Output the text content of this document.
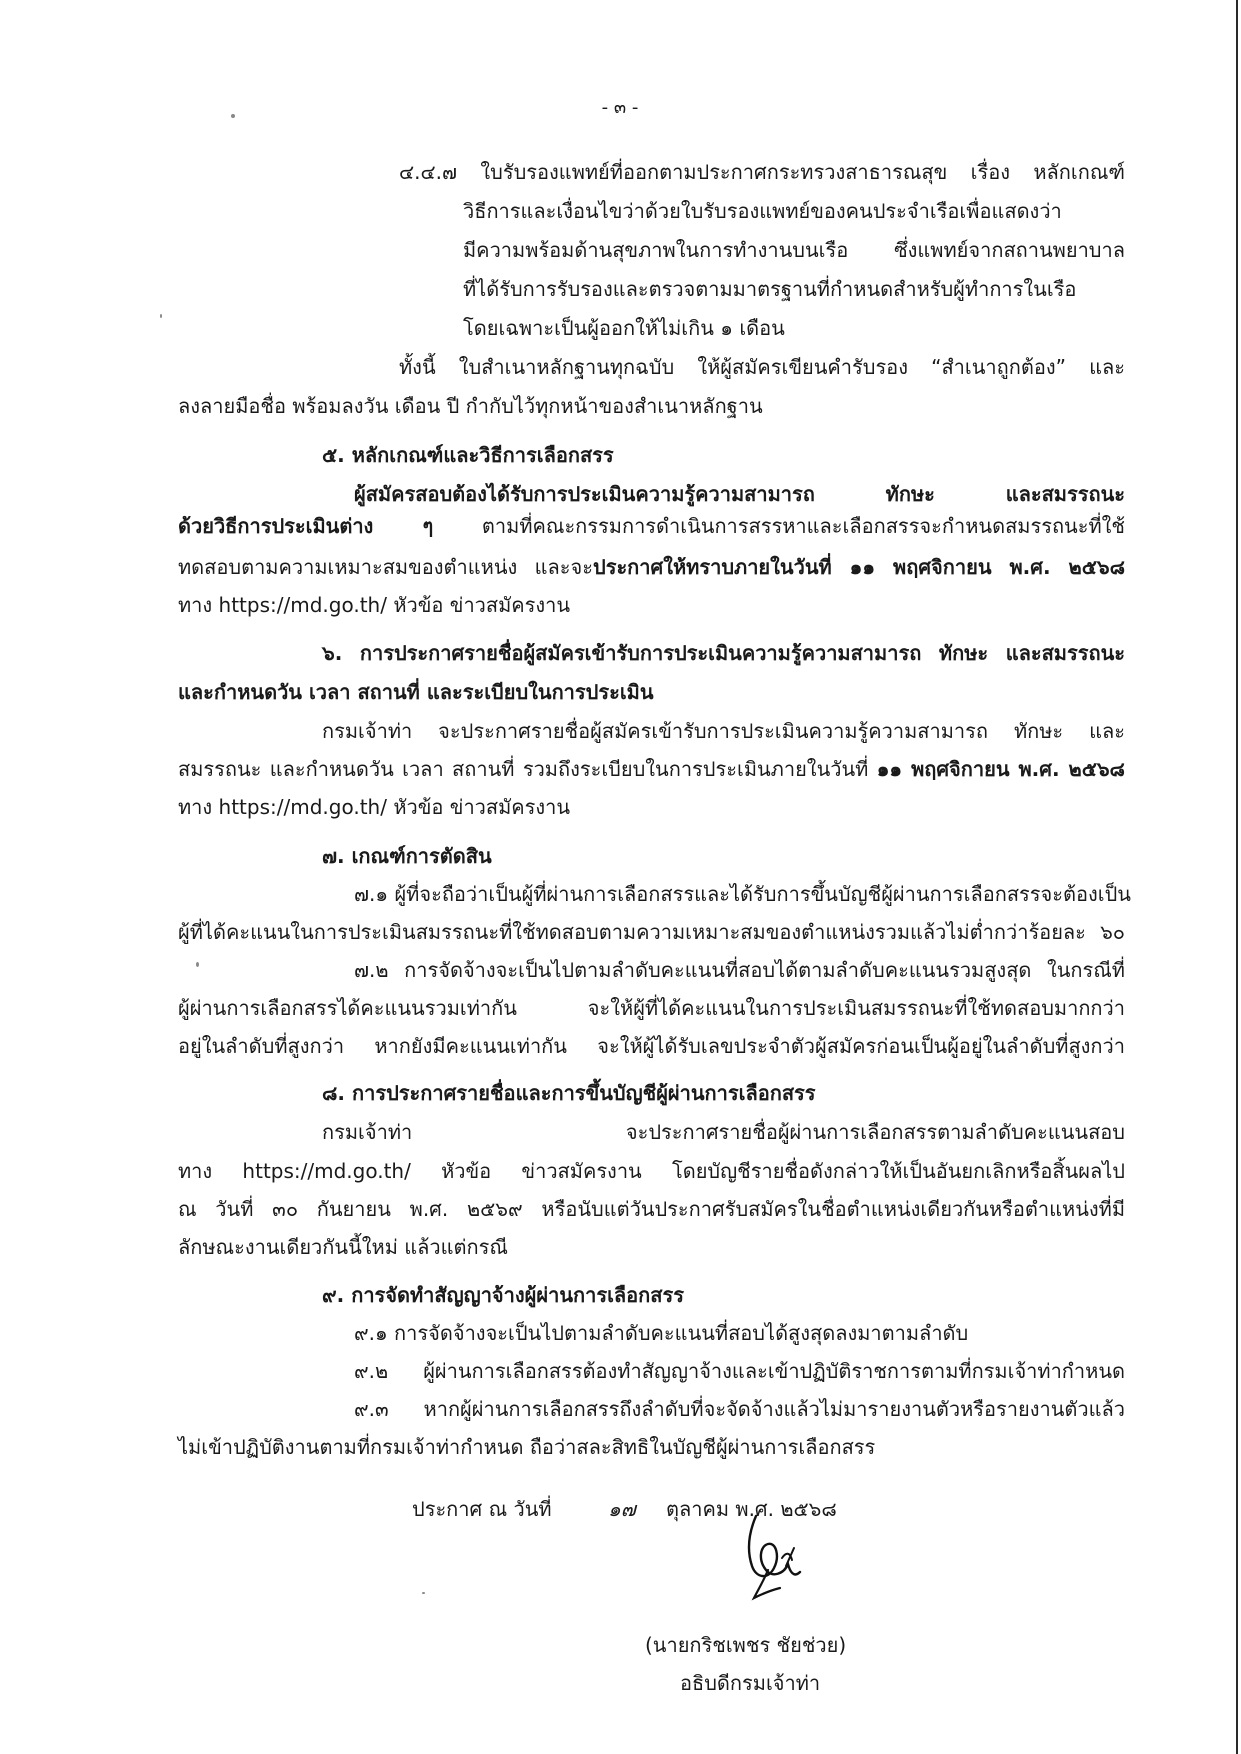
- ๓ -
๔.๔.๗ ใบรับรองแพทย์ที่ออกตามประกาศกระทรวงสาธารณสุข เรื่อง หลักเกณฑ์
วิธีการและเงื่อนไขว่าด้วยใบรับรองแพทย์ของคนประจำเรือเพื่อแสดงว่า
มีความพร้อมด้านสุขภาพในการทำงานบนเรือ ซึ่งแพทย์จากสถานพยาบาล
ที่ได้รับการรับรองและตรวจตามมาตรฐานที่กำหนดสำหรับผู้ทำการในเรือ
โดยเฉพาะเป็นผู้ออกให้ไม่เกิน ๑ เดือน
ทั้งนี้ ใบสำเนาหลักฐานทุกฉบับ ให้ผู้สมัครเขียนคำรับรอง “สำเนาถูกต้อง” และ
ลงลายมือชื่อ พร้อมลงวัน เดือน ปี กำกับไว้ทุกหน้าของสำเนาหลักฐาน
๕. หลักเกณฑ์และวิธีการเลือกสรร
ผู้สมัครสอบต้องได้รับการประเมินความรู้ความสามารถ ทักษะ และสมรรถนะ
ด้วยวิธีการประเมินต่าง ๆ ตามที่คณะกรรมการดำเนินการสรรหาและเลือกสรรจะกำหนดสมรรถนะที่ใช้
ทดสอบตามความเหมาะสมของตำแหน่ง และจะประกาศให้ทราบภายในวันที่ ๑๑ พฤศจิกายน พ.ศ. ๒๕๖๘
ทาง https://md.go.th/ หัวข้อ ข่าวสมัครงาน
๖. การประกาศรายชื่อผู้สมัครเข้ารับการประเมินความรู้ความสามารถ ทักษะ และสมรรถนะ
และกำหนดวัน เวลา สถานที่ และระเบียบในการประเมิน
กรมเจ้าท่า จะประกาศรายชื่อผู้สมัครเข้ารับการประเมินความรู้ความสามารถ ทักษะ และ
สมรรถนะ และกำหนดวัน เวลา สถานที่ รวมถึงระเบียบในการประเมินภายในวันที่ ๑๑ พฤศจิกายน พ.ศ. ๒๕๖๘
ทาง https://md.go.th/ หัวข้อ ข่าวสมัครงาน
๗. เกณฑ์การตัดสิน
๗.๑ ผู้ที่จะถือว่าเป็นผู้ที่ผ่านการเลือกสรรและได้รับการขึ้นบัญชีผู้ผ่านการเลือกสรรจะต้องเป็น
ผู้ที่ได้คะแนนในการประเมินสมรรถนะที่ใช้ทดสอบตามความเหมาะสมของตำแหน่งรวมแล้วไม่ต่ำกว่าร้อยละ ๖๐
๗.๒ การจัดจ้างจะเป็นไปตามลำดับคะแนนที่สอบได้ตามลำดับคะแนนรวมสูงสุด ในกรณีที่
ผู้ผ่านการเลือกสรรได้คะแนนรวมเท่ากัน จะให้ผู้ที่ได้คะแนนในการประเมินสมรรถนะที่ใช้ทดสอบมากกว่า
อยู่ในลำดับที่สูงกว่า หากยังมีคะแนนเท่ากัน จะให้ผู้ได้รับเลขประจำตัวผู้สมัครก่อนเป็นผู้อยู่ในลำดับที่สูงกว่า
๘. การประกาศรายชื่อและการขึ้นบัญชีผู้ผ่านการเลือกสรร
กรมเจ้าท่า จะประกาศรายชื่อผู้ผ่านการเลือกสรรตามลำดับคะแนนสอบ
ทาง https://md.go.th/ หัวข้อ ข่าวสมัครงาน โดยบัญชีรายชื่อดังกล่าวให้เป็นอันยกเลิกหรือสิ้นผลไป
ณ วันที่ ๓๐ กันยายน พ.ศ. ๒๕๖๙ หรือนับแต่วันประกาศรับสมัครในชื่อตำแหน่งเดียวกันหรือตำแหน่งที่มี
ลักษณะงานเดียวกันนี้ใหม่ แล้วแต่กรณี
๙. การจัดทำสัญญาจ้างผู้ผ่านการเลือกสรร
๙.๑ การจัดจ้างจะเป็นไปตามลำดับคะแนนที่สอบได้สูงสุดลงมาตามลำดับ
๙.๒ ผู้ผ่านการเลือกสรรต้องทำสัญญาจ้างและเข้าปฏิบัติราชการตามที่กรมเจ้าท่ากำหนด
๙.๓ หากผู้ผ่านการเลือกสรรถึงลำดับที่จะจัดจ้างแล้วไม่มารายงานตัวหรือรายงานตัวแล้ว
ไม่เข้าปฏิบัติงานตามที่กรมเจ้าท่ากำหนด ถือว่าสละสิทธิในบัญชีผู้ผ่านการเลือกสรร
ประกาศ ณ วันที่	๑๗ ตุลาคม พ.ศ. ๒๕๖๘
(นายกริชเพชร ชัยช่วย)
อธิบดีกรมเจ้าท่า
